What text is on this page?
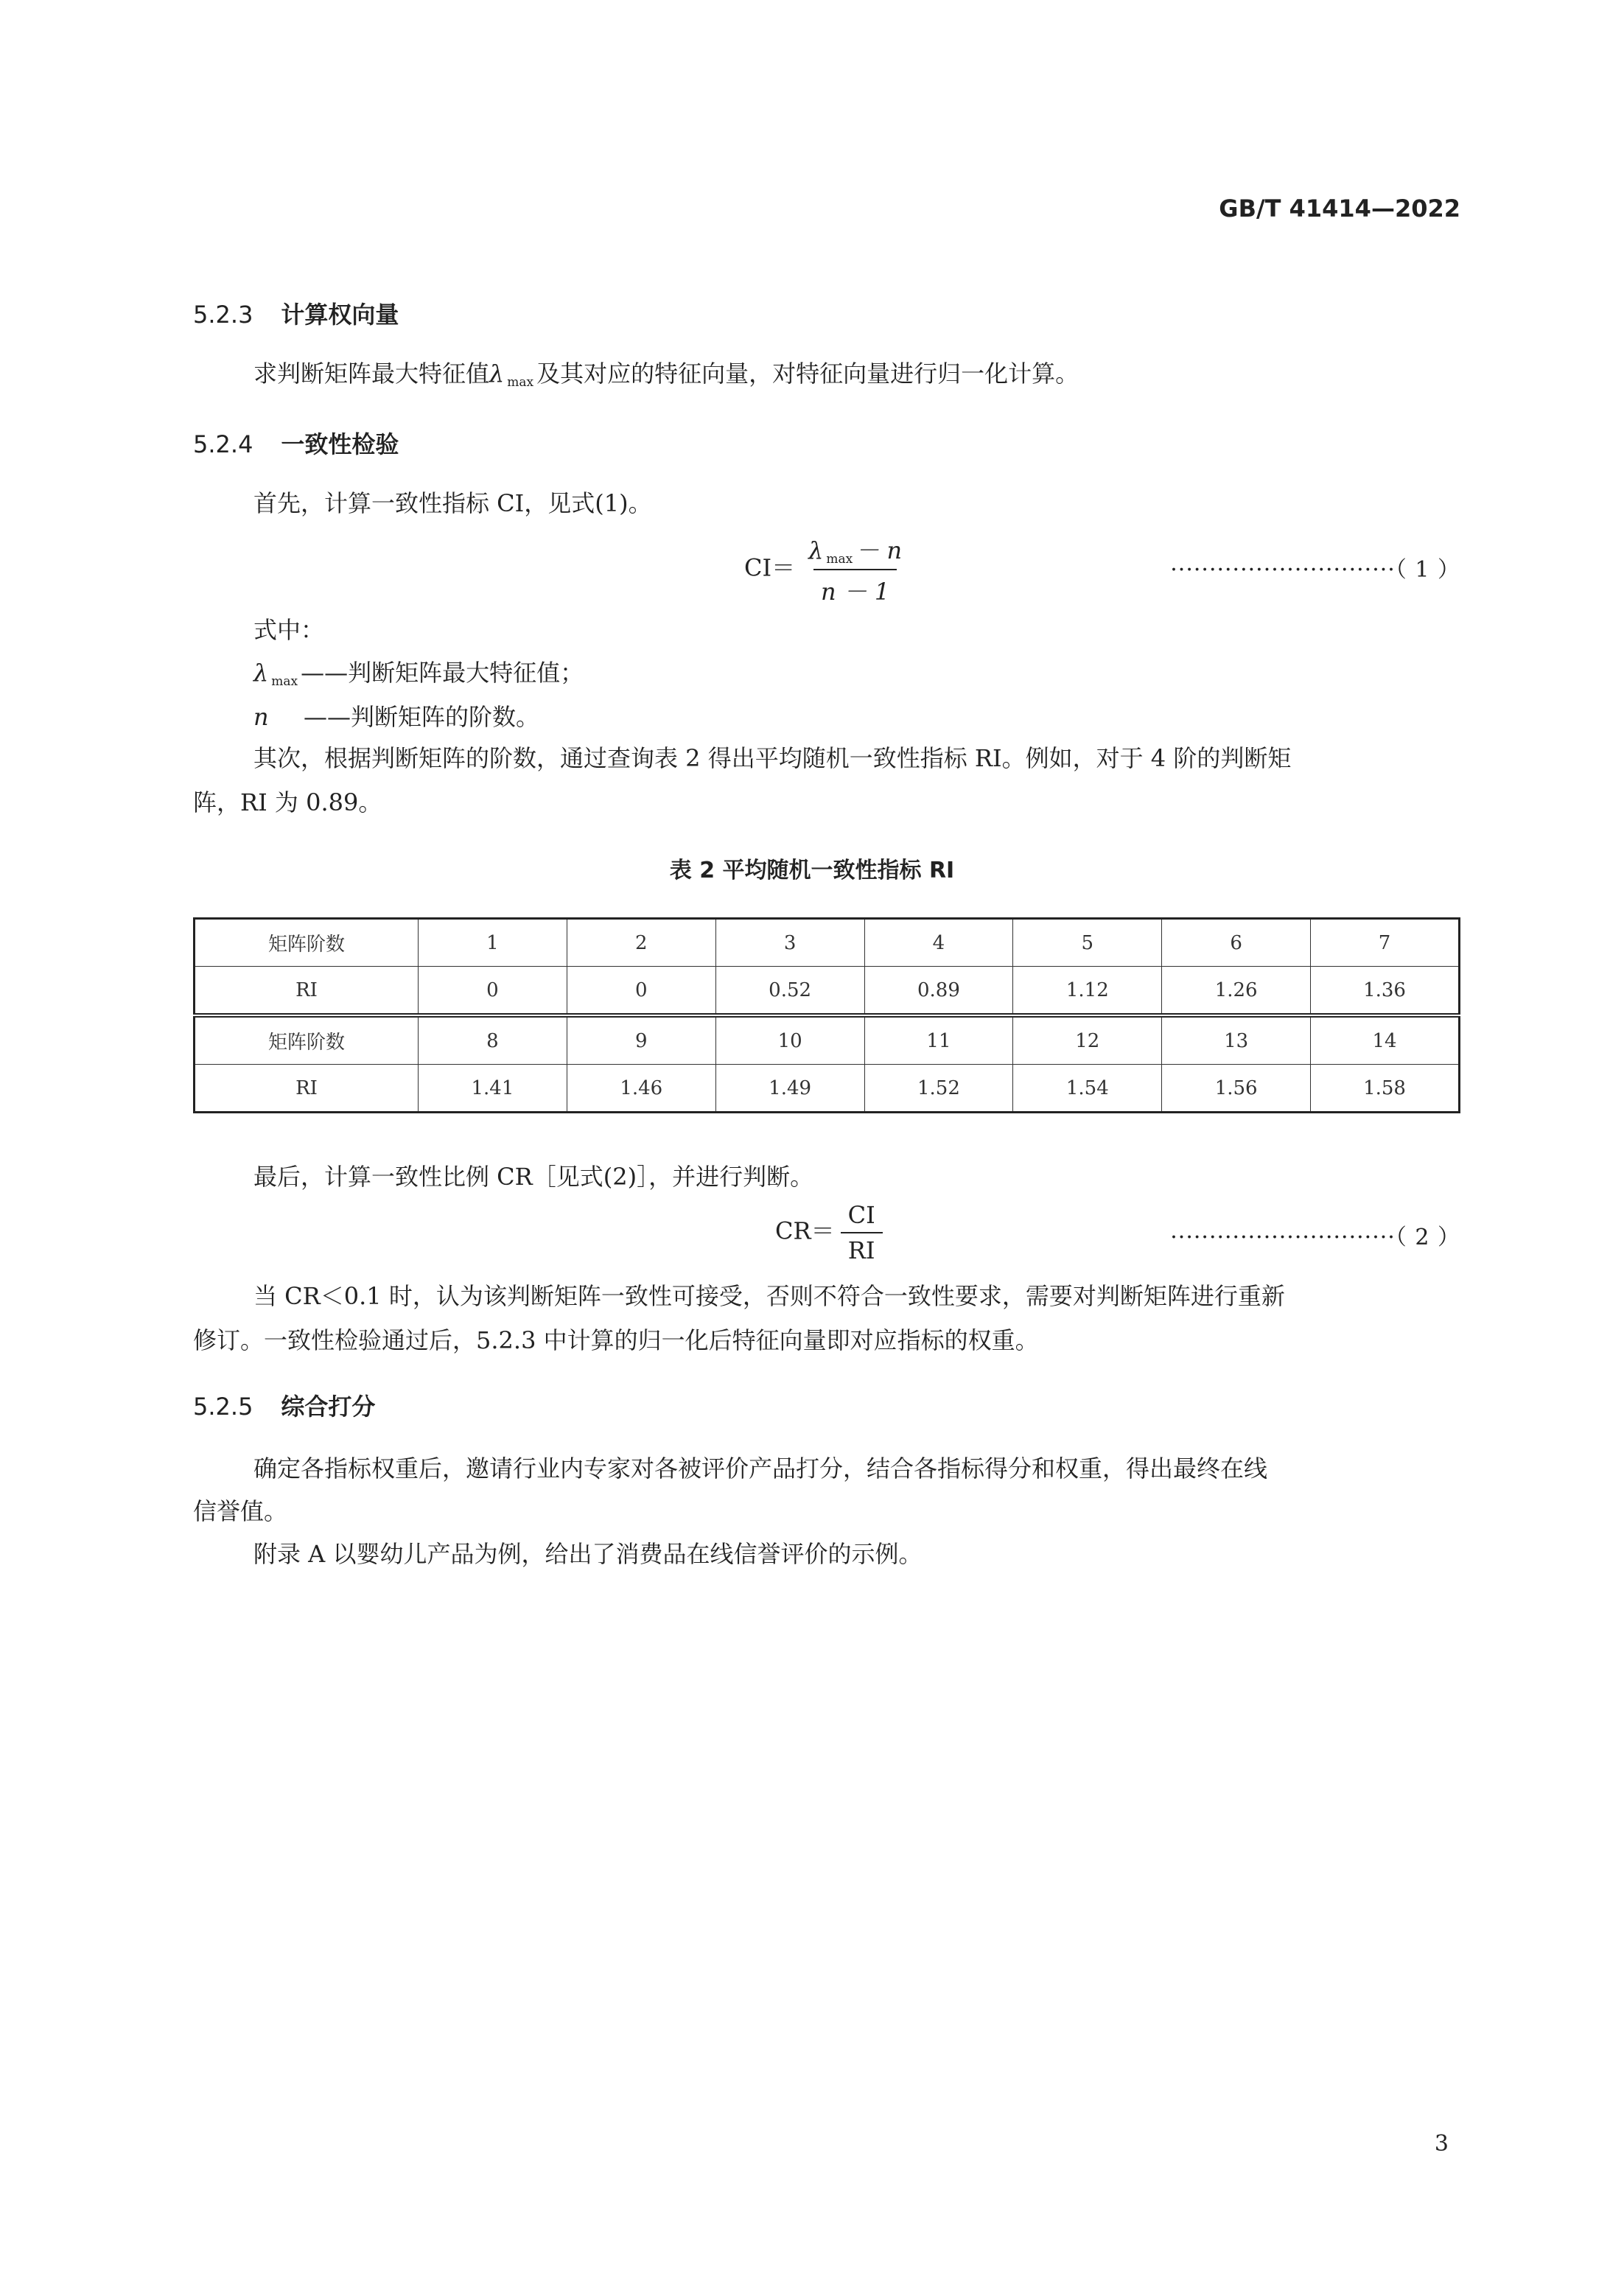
GB/T 41414—2022
5.2.3 计算权向量
求判断矩阵最大特征值λ max 及其对应的特征向量，对特征向量进行归一化计算。
5.2.4 一致性检验
首先，计算一致性指标 CI，见式(1)。
$CI= \frac{\text{λ max － n}}{n - 1}$	·····························（ 1 ）
式中：
λmax ——判断矩阵最大特征值；
n ——判断矩阵的阶数。
其次，根据判断矩阵的阶数，通过查询表 2 得出平均随机一致性指标 RI。例如，对于 4 阶的判断矩
阵，RI 为 0.89。
表 2 平均随机一致性指标 RI
矩阵阶数	1	2	3	4	5	6	7
RI	0	0	0.52	0.89	1.12	1.26	1.36
矩阵阶数	8	9	10	11	12	13	14
RI	1.41	1.46	1.49	1.52	1.54	1.56	1.58
最后，计算一致性比例 CR［见式(2)］，并进行判断。
$CR= \frac{CI}{RI}$	·····························（ 2 ）
当 CR＜0.1 时，认为该判断矩阵一致性可接受，否则不符合一致性要求，需要对判断矩阵进行重新
修订。一致性检验通过后，5.2.3 中计算的归一化后特征向量即对应指标的权重。
5.2.5 综合打分
确定各指标权重后，邀请行业内专家对各被评价产品打分，结合各指标得分和权重，得出最终在线
信誉值。
附录 A 以婴幼儿产品为例，给出了消费品在线信誉评价的示例。
3
